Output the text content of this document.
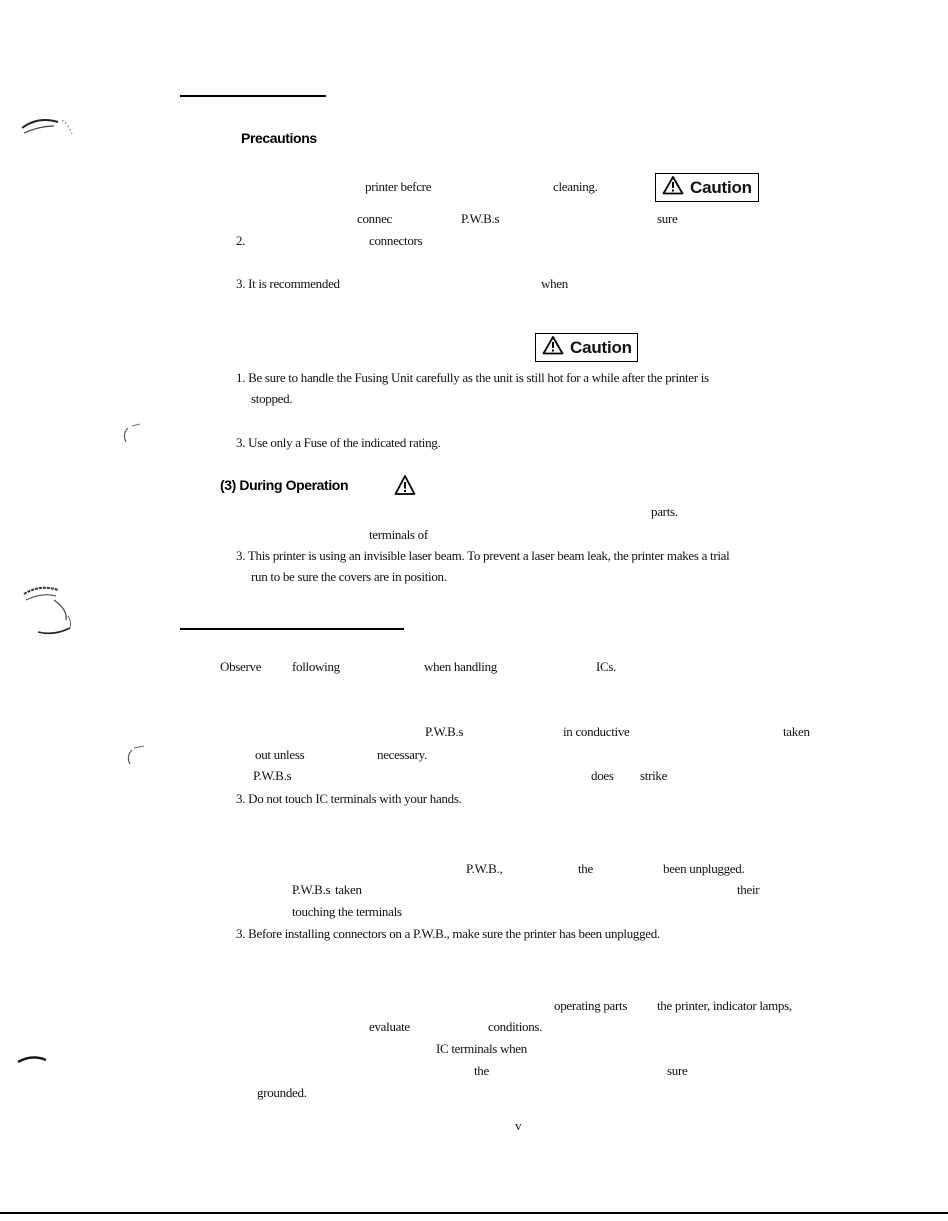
Precautions
printer befcre	cleaning.	Caution
connec	P.W.B.s	sure
2.	connectors
3. It is recommended	when
Caution
1. Be sure to handle the Fusing Unit carefully as the unit is still hot for a while after the printer is
stopped.
3. Use only a Fuse of the indicated rating.
(3) During Operation
parts.
terminals of
3. This printer is using an invisible laser beam. To prevent a laser beam leak, the printer makes a trial
run to be sure the covers are in position.
Observe following	when handling	ICs.
P.W.B.s	in conductive	taken
out unless	necessary.
P.W.B.s	does strike
3. Do not touch IC terminals with your hands.
P.W.B.,	the	been unplugged.
P.W.B.s taken	their
touching the terminals
3. Before installing connectors on a P.W.B., make sure the printer has been unplugged.
operating parts the printer, indicator lamps,
evaluate	conditions.
IC terminals when
the	sure
grounded.
v
